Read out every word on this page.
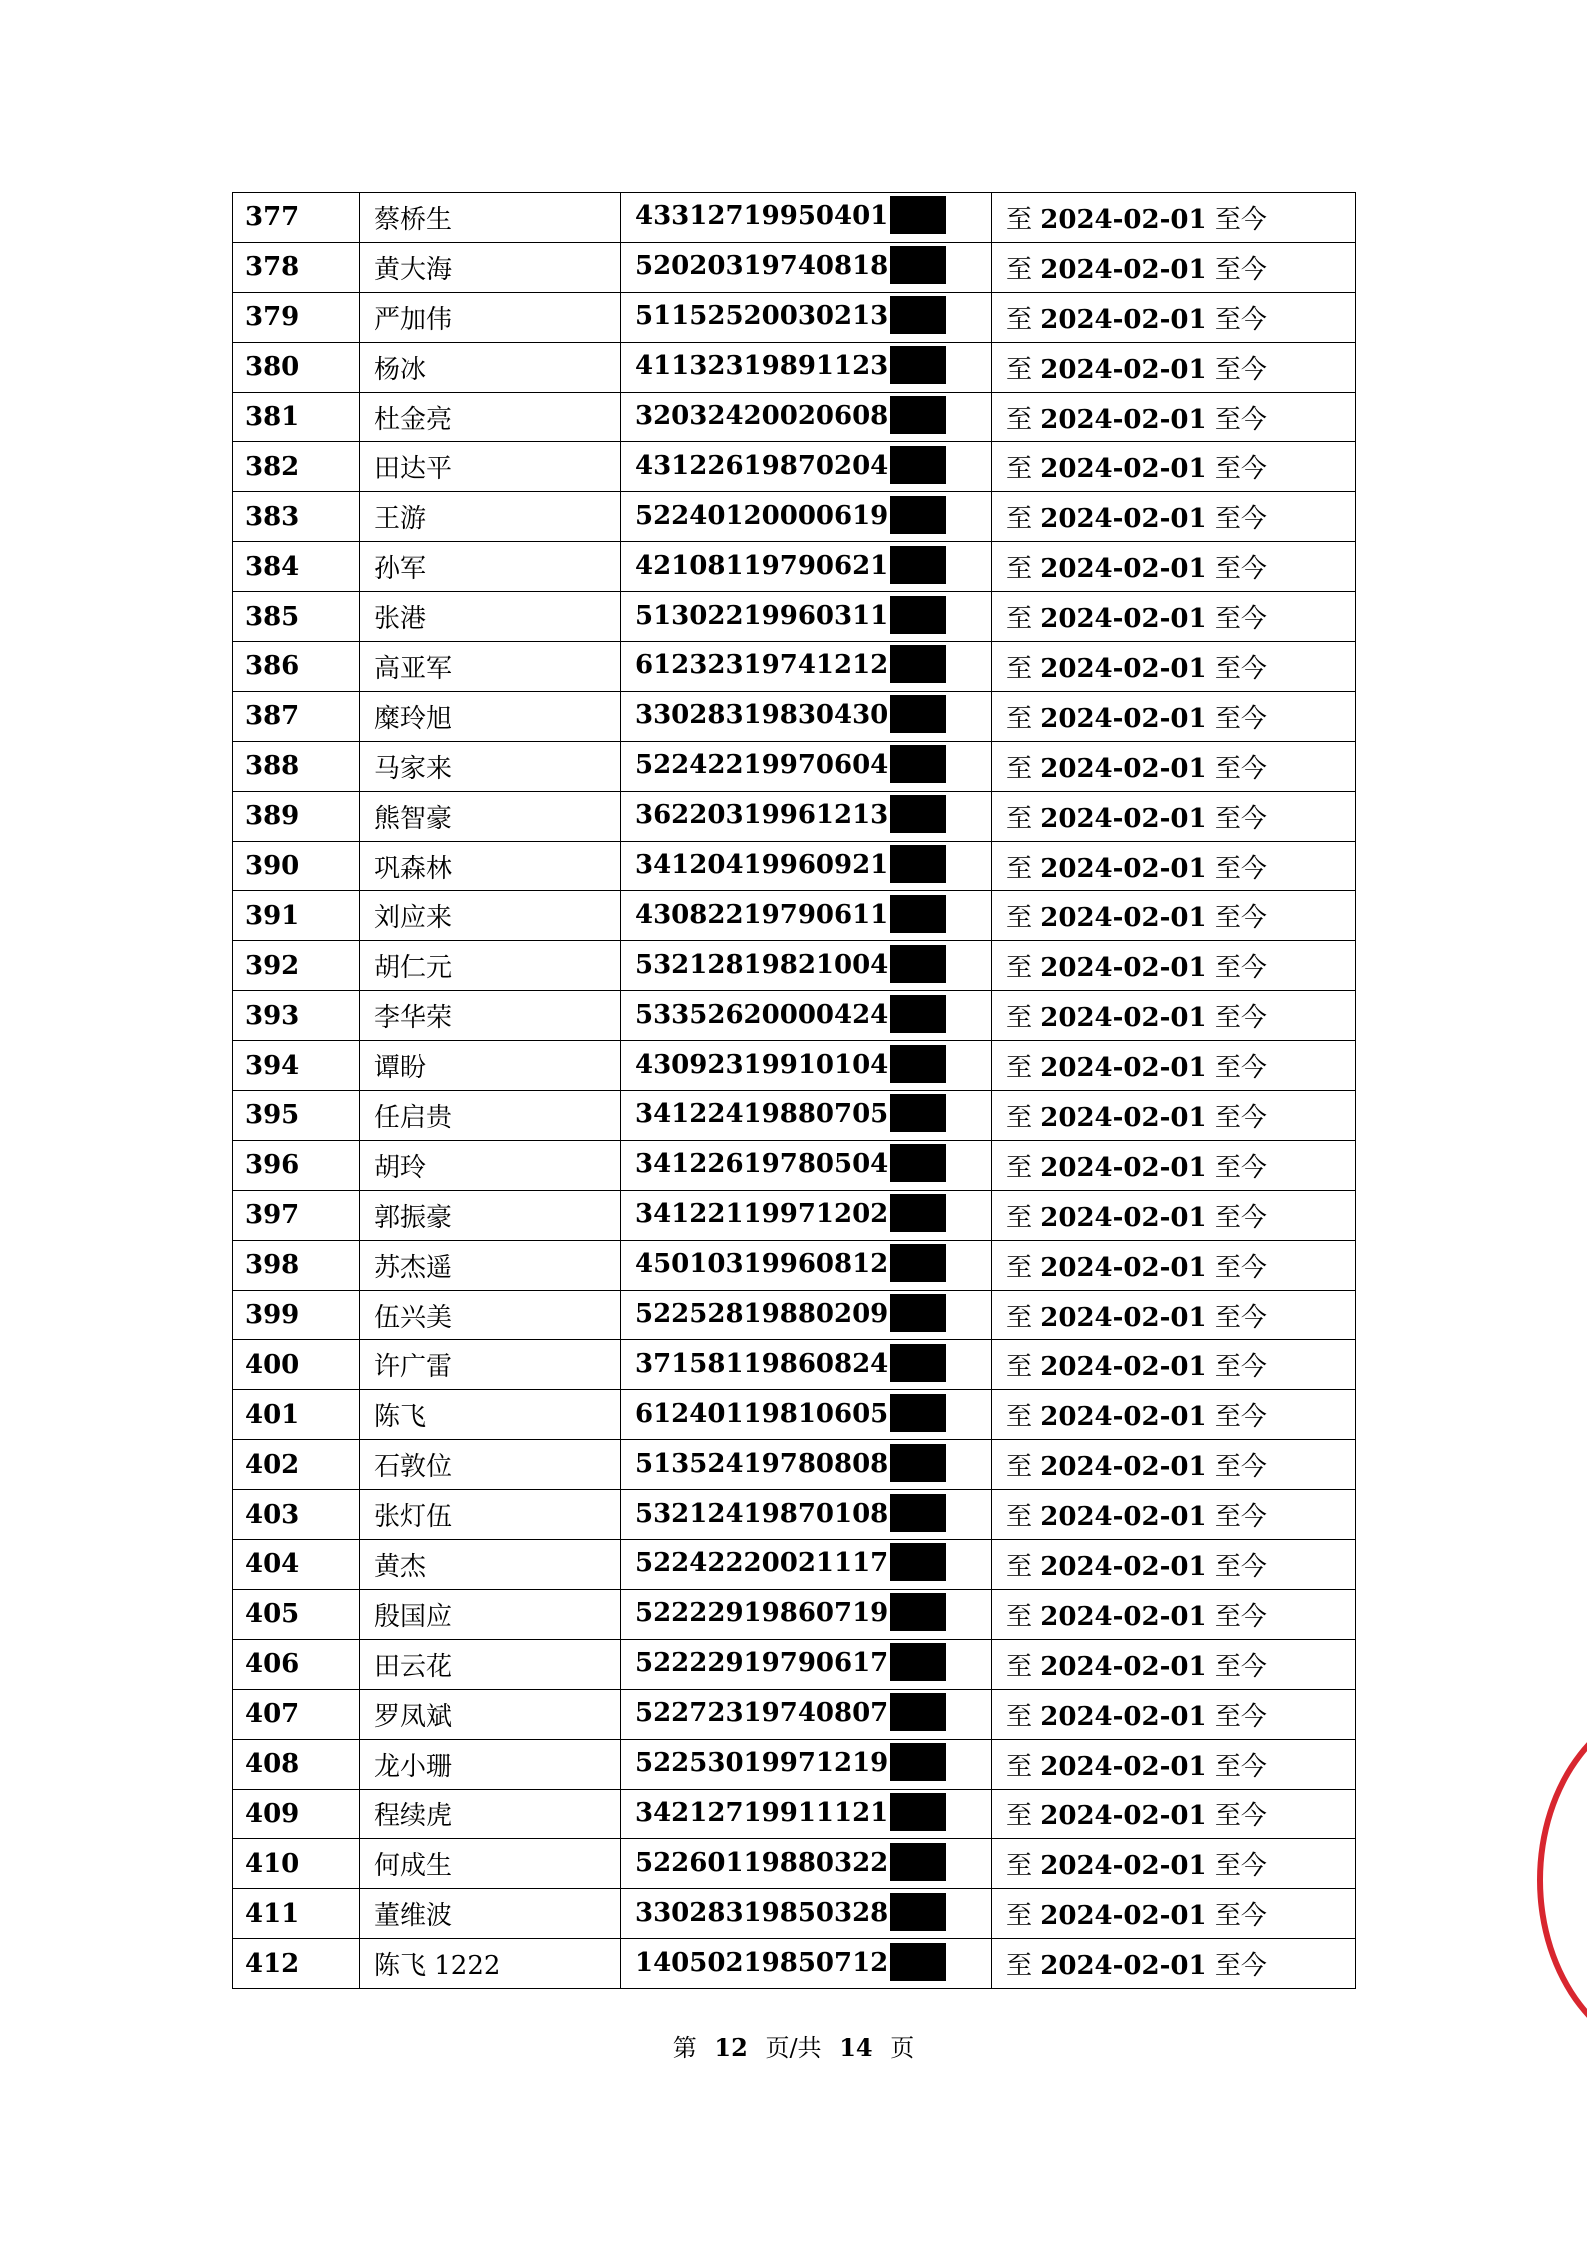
377	蔡桥生	43312719950401	至 2024-02-01 至今
378	黄大海	52020319740818	至 2024-02-01 至今
379	严加伟	51152520030213	至 2024-02-01 至今
380	杨冰	41132319891123	至 2024-02-01 至今
381	杜金亮	32032420020608	至 2024-02-01 至今
382	田达平	43122619870204	至 2024-02-01 至今
383	王游	52240120000619	至 2024-02-01 至今
384	孙军	42108119790621	至 2024-02-01 至今
385	张港	51302219960311	至 2024-02-01 至今
386	高亚军	61232319741212	至 2024-02-01 至今
387	糜玲旭	33028319830430	至 2024-02-01 至今
388	马家来	52242219970604	至 2024-02-01 至今
389	熊智豪	36220319961213	至 2024-02-01 至今
390	巩森林	34120419960921	至 2024-02-01 至今
391	刘应来	43082219790611	至 2024-02-01 至今
392	胡仁元	53212819821004	至 2024-02-01 至今
393	李华荣	53352620000424	至 2024-02-01 至今
394	谭盼	43092319910104	至 2024-02-01 至今
395	任启贵	34122419880705	至 2024-02-01 至今
396	胡玲	34122619780504	至 2024-02-01 至今
397	郭振豪	34122119971202	至 2024-02-01 至今
398	苏杰遥	45010319960812	至 2024-02-01 至今
399	伍兴美	52252819880209	至 2024-02-01 至今
400	许广雷	37158119860824	至 2024-02-01 至今
401	陈飞	61240119810605	至 2024-02-01 至今
402	石敦位	51352419780808	至 2024-02-01 至今
403	张灯伍	53212419870108	至 2024-02-01 至今
404	黄杰	52242220021117	至 2024-02-01 至今
405	殷国应	52222919860719	至 2024-02-01 至今
406	田云花	52222919790617	至 2024-02-01 至今
407	罗凤斌	52272319740807	至 2024-02-01 至今
408	龙小珊	52253019971219	至 2024-02-01 至今
409	程续虎	34212719911121	至 2024-02-01 至今
410	何成生	52260119880322	至 2024-02-01 至今
411	董维波	33028319850328	至 2024-02-01 至今
412	陈飞 1222	14050219850712	至 2024-02-01 至今
第 12 页/共 14 页
